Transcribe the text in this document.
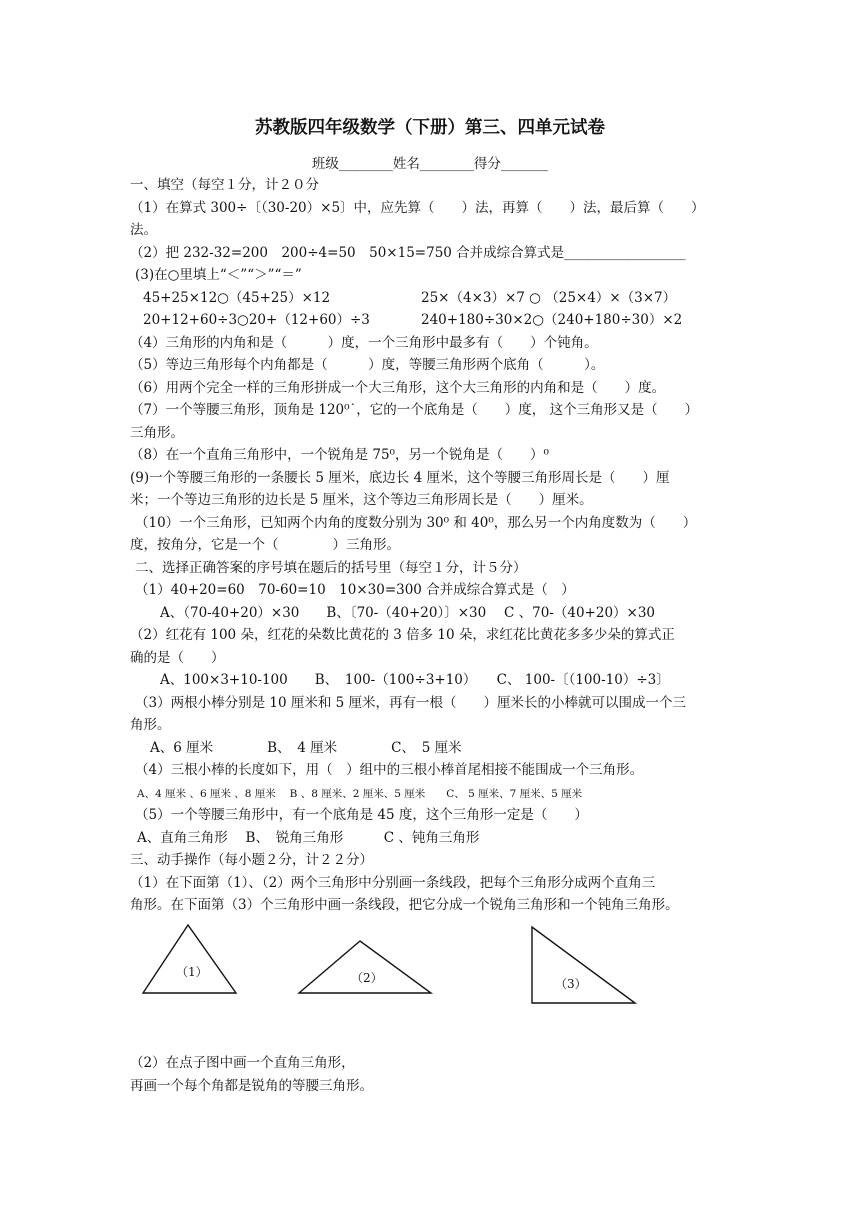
苏教版四年级数学（下册）第三、四单元试卷
班级________姓名________得分_______
一、填空（每空１分，计２０分
（1）在算式 300÷〔（30-20）×5〕中，应先算（　　）法，再算（　　）法，最后算（　　）
法。
（2）把 232-32=200　200÷4=50　50×15=750 合并成综合算式是__________________
(3)在○里填上“＜”“＞”“＝”
45+25×12○（45+25）×12	25×（4×3）×7 ○ （25×4）×（3×7）
20+12+60÷3○20+（12+60）÷3	240+180÷30×2○（240+180÷30）×2
（4）三角形的内角和是（　　　）度，一个三角形中最多有（　　）个钝角。
（5）等边三角形每个内角都是（　　　）度，等腰三角形两个底角（　　　）。
（6）用两个完全一样的三角形拼成一个大三角形，这个大三角形的内角和是（　　）度。
（7）一个等腰三角形，顶角是 120⁰˙，它的一个底角是（　　）度， 这个三角形又是（　　）
三角形。
（8）在一个直角三角形中，一个锐角是 75⁰，另一个锐角是（　　）⁰
(9)一个等腰三角形的一条腰长 5 厘米，底边长 4 厘米，这个等腰三角形周长是（　　）厘
米；一个等边三角形的边长是 5 厘米，这个等边三角形周长是（　　）厘米。
（10）一个三角形，已知两个内角的度数分别为 30⁰ 和 40⁰，那么另一个内角度数为（　　）
度，按角分，它是一个（　　　　）三角形。
二、选择正确答案的序号填在题后的括号里（每空１分，计５分）
（1）40+20=60　70-60=10　10×30=300 合并成综合算式是（　）
A、（70-40+20）×30　　B、〔70-（40+20）〕×30　 C 、70-（40+20）×30
（2）红花有 100 朵，红花的朵数比黄花的 3 倍多 10 朵，求红花比黄花多多少朵的算式正
确的是（　　）
A、100×3+10-100　　B、　100-（100÷3+10）　　C、 100-〔（100-10）÷3〕
（3）两根小棒分别是 10 厘米和 5 厘米，再有一根（　　）厘米长的小棒就可以围成一个三
角形。
A、6 厘米　　　　B、　4 厘米　　　　C、　5 厘米
（4）三根小棒的长度如下，用（　）组中的三根小棒首尾相接不能围成一个三角形。
A、4 厘米 、6 厘米 、8 厘米　 B 、8 厘米、2 厘米、5 厘米　　C、 5 厘米、7 厘米、5 厘米
（5）一个等腰三角形中，有一个底角是 45 度，这个三角形一定是（　　）
A、直角三角形　 B、　锐角三角形　　　C 、钝角三角形
三、动手操作（每小题２分，计２２分）
（1）在下面第（1）、（2）两个三角形中分别画一条线段，把每个三角形分成两个直角三
角形。在下面第（3）个三角形中画一条线段，把它分成一个锐角三角形和一个钝角三角形。
（1）	（2）	（3）
（2）在点子图中画一个直角三角形，
再画一个每个角都是锐角的等腰三角形。
